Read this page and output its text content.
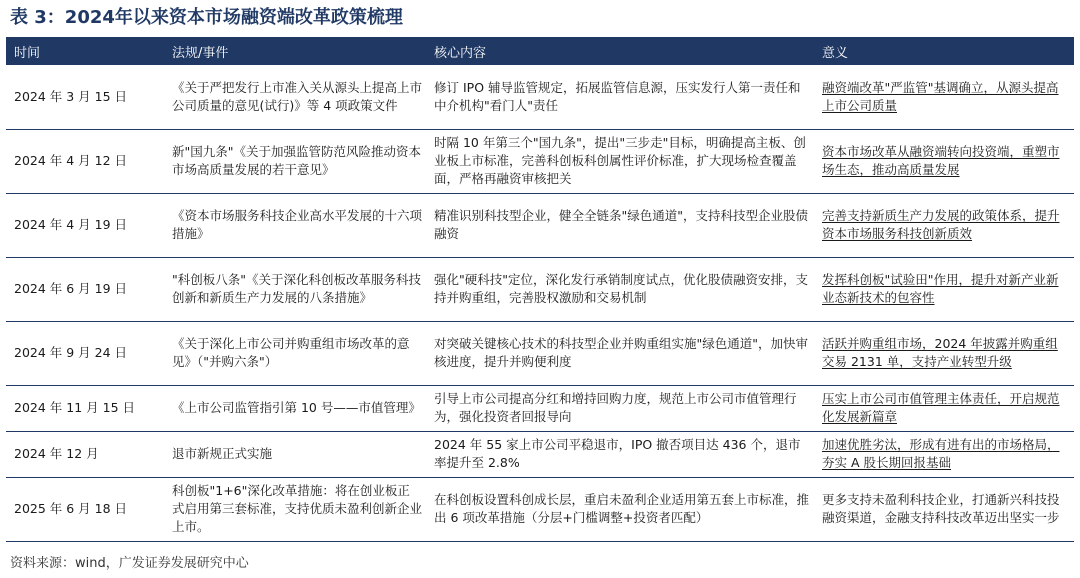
表 3：2024年以来资本市场融资端改革政策梳理
时间	法规/事件	核心内容	意义
2024 年 3 月 15 日	《关于严把发行上市准入关从源头上提高上市公司质量的意见(试行)》等 4 项政策文件	修订 IPO 辅导监管规定，拓展监管信息源，压实发行人第一责任和中介机构"看门人"责任	融资端改革"严监管"基调确立，从源头提高上市公司质量
2024 年 4 月 12 日	新"国九条"《关于加强监管防范风险推动资本市场高质量发展的若干意见》	时隔 10 年第三个"国九条"，提出"三步走"目标，明确提高主板、创业板上市标准，完善科创板科创属性评价标准，扩大现场检查覆盖面，严格再融资审核把关	资本市场改革从融资端转向投资端，重塑市场生态，推动高质量发展
2024 年 4 月 19 日	《资本市场服务科技企业高水平发展的十六项措施》	精准识别科技型企业，健全全链条"绿色通道"，支持科技型企业股债融资	完善支持新质生产力发展的政策体系，提升资本市场服务科技创新质效
2024 年 6 月 19 日	"科创板八条"《关于深化科创板改革服务科技创新和新质生产力发展的八条措施》	强化"硬科技"定位，深化发行承销制度试点，优化股债融资安排，支持并购重组，完善股权激励和交易机制	发挥科创板"试验田"作用，提升对新产业新业态新技术的包容性
2024 年 9 月 24 日	《关于深化上市公司并购重组市场改革的意见》（"并购六条"）	对突破关键核心技术的科技型企业并购重组实施"绿色通道"，加快审核进度，提升并购便利度	活跃并购重组市场，2024 年披露并购重组交易 2131 单，支持产业转型升级
2024 年 11 月 15 日	《上市公司监管指引第 10 号——市值管理》	引导上市公司提高分红和增持回购力度，规范上市公司市值管理行为，强化投资者回报导向	压实上市公司市值管理主体责任，开启规范化发展新篇章
2024 年 12 月	退市新规正式实施	2024 年 55 家上市公司平稳退市，IPO 撤否项目达 436 个，退市率提升至 2.8%	加速优胜劣汰，形成有进有出的市场格局，夯实 A 股长期回报基础
2025 年 6 月 18 日	科创板"1+6"深化改革措施：将在创业板正式启用第三套标准，支持优质未盈利创新企业上市。	在科创板设置科创成长层，重启未盈利企业适用第五套上市标准，推出 6 项改革措施（分层+门槛调整+投资者匹配）	更多支持未盈利科技企业，打通新兴科技投融资渠道，金融支持科技改革迈出坚实一步
资料来源：wind，广发证券发展研究中心
